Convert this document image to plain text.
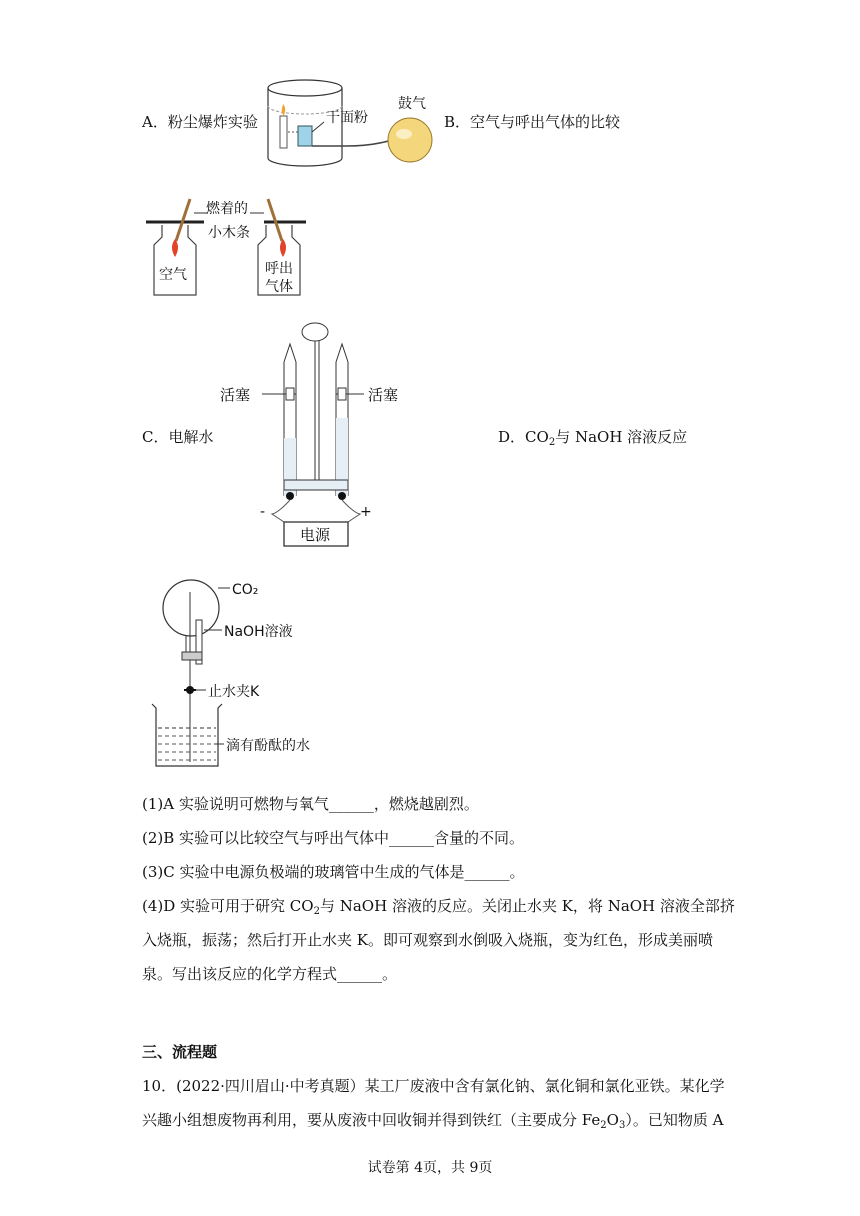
A．粉尘爆炸实验	干面粉
鼓气
B．空气与呼出气体的比较
燃着的
小木条
空气	呼出
气体
C．电解水
活塞	活塞
-	+
电源
D．$CO_2$与 NaOH 溶液反应
CO₂
NaOH溶液
止水夹K
滴有酚酞的水
(1)A 实验说明可燃物与氧气______，燃烧越剧烈。
(2)B 实验可以比较空气与呼出气体中______含量的不同。
(3)C 实验中电源负极端的玻璃管中生成的气体是______。
(4)D 实验可用于研究 $CO_2$与 NaOH 溶液的反应。关闭止水夹 K，将 NaOH 溶液全部挤
入烧瓶，振荡；然后打开止水夹 K。即可观察到水倒吸入烧瓶，变为红色，形成美丽喷
泉。写出该反应的化学方程式______。
三、流程题
10．(2022·四川眉山·中考真题）某工厂废液中含有氯化钠、氯化铜和氯化亚铁。某化学
兴趣小组想废物再利用，要从废液中回收铜并得到铁红（主要成分 $Fe_2O_3$）。已知物质 A
试卷第 4页，共 9页
